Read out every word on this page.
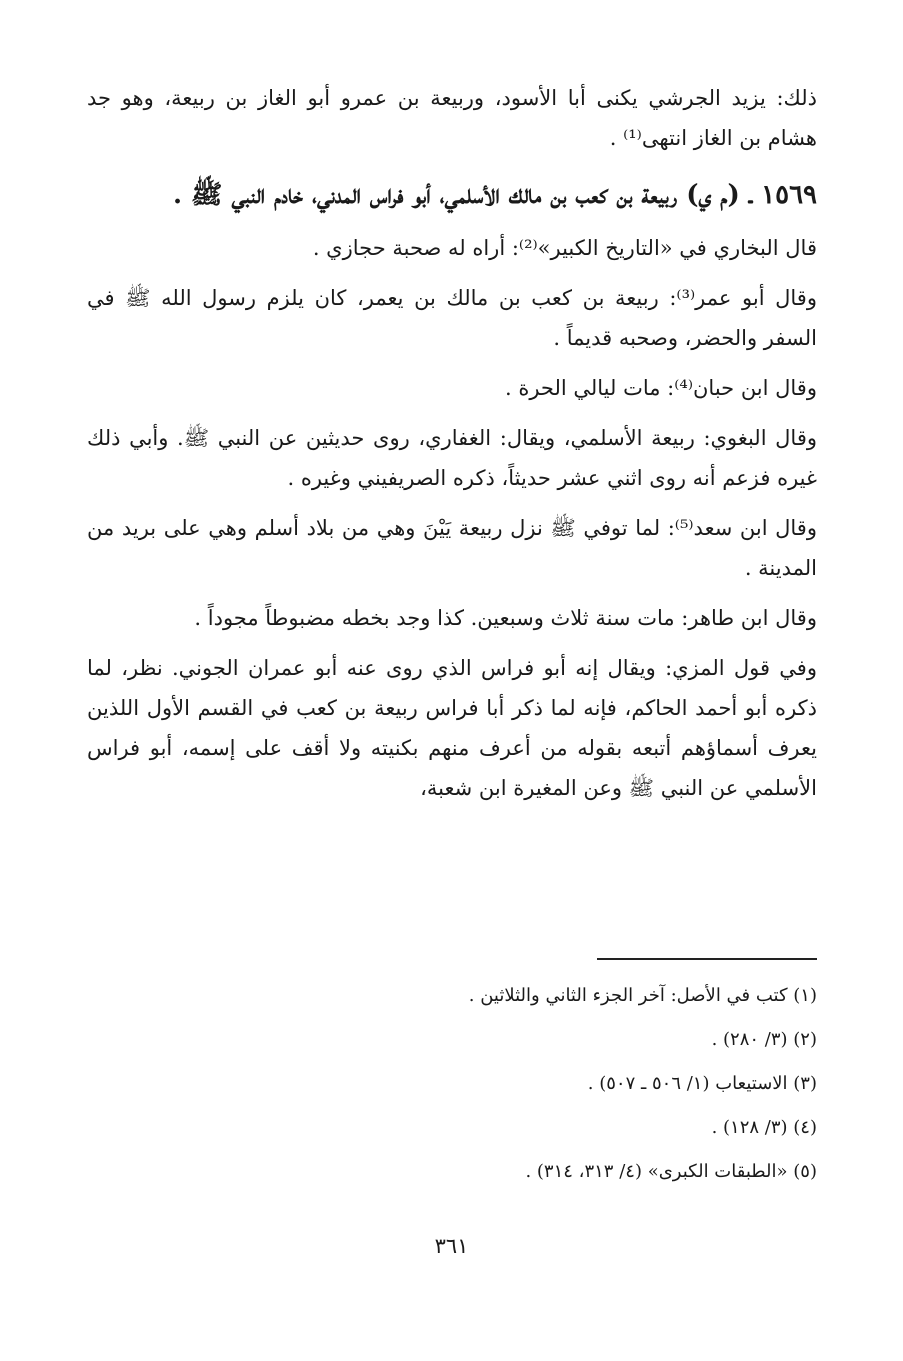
ذلك: يزيد الجرشي يكنى أبا الأسود، وربيعة بن عمرو أبو الغاز بن ربيعة، وهو جد هشام بن الغاز انتهى⁽¹⁾ .

١٥٦٩ ـ (م ي) ربيعة بن كعب بن مالك الأسلمي، أبو فراس المدني، خادم النبي ﷺ .

قال البخاري في «التاريخ الكبير»⁽²⁾: أراه له صحبة حجازي .

وقال أبو عمر⁽³⁾: ربيعة بن كعب بن مالك بن يعمر، كان يلزم رسول الله ﷺ في السفر والحضر، وصحبه قديماً .

وقال ابن حبان⁽⁴⁾: مات ليالي الحرة .

وقال البغوي: ربيعة الأسلمي، ويقال: الغفاري، روى حديثين عن النبي ﷺ. وأبي ذلك غيره فزعم أنه روى اثني عشر حديثاً، ذكره الصريفيني وغيره .

وقال ابن سعد⁽⁵⁾: لما توفي ﷺ نزل ربيعة يَيْنَ وهي من بلاد أسلم وهي على بريد من المدينة .

وقال ابن طاهر: مات سنة ثلاث وسبعين. كذا وجد بخطه مضبوطاً مجوداً .

وفي قول المزي: ويقال إنه أبو فراس الذي روى عنه أبو عمران الجوني. نظر، لما ذكره أبو أحمد الحاكم، فإنه لما ذكر أبا فراس ربيعة بن كعب في القسم الأول اللذين يعرف أسماؤهم أتبعه بقوله من أعرف منهم بكنيته ولا أقف على إسمه، أبو فراس الأسلمي عن النبي ﷺ وعن المغيرة ابن شعبة،

(١) كتب في الأصل: آخر الجزء الثاني والثلاثين .
(٢) (٣/ ٢٨٠) .
(٣) الاستيعاب (١/ ٥٠٦ ـ ٥٠٧) .
(٤) (٣/ ١٢٨) .
(٥) «الطبقات الكبرى» (٤/ ٣١٣، ٣١٤) .
٣٦١
